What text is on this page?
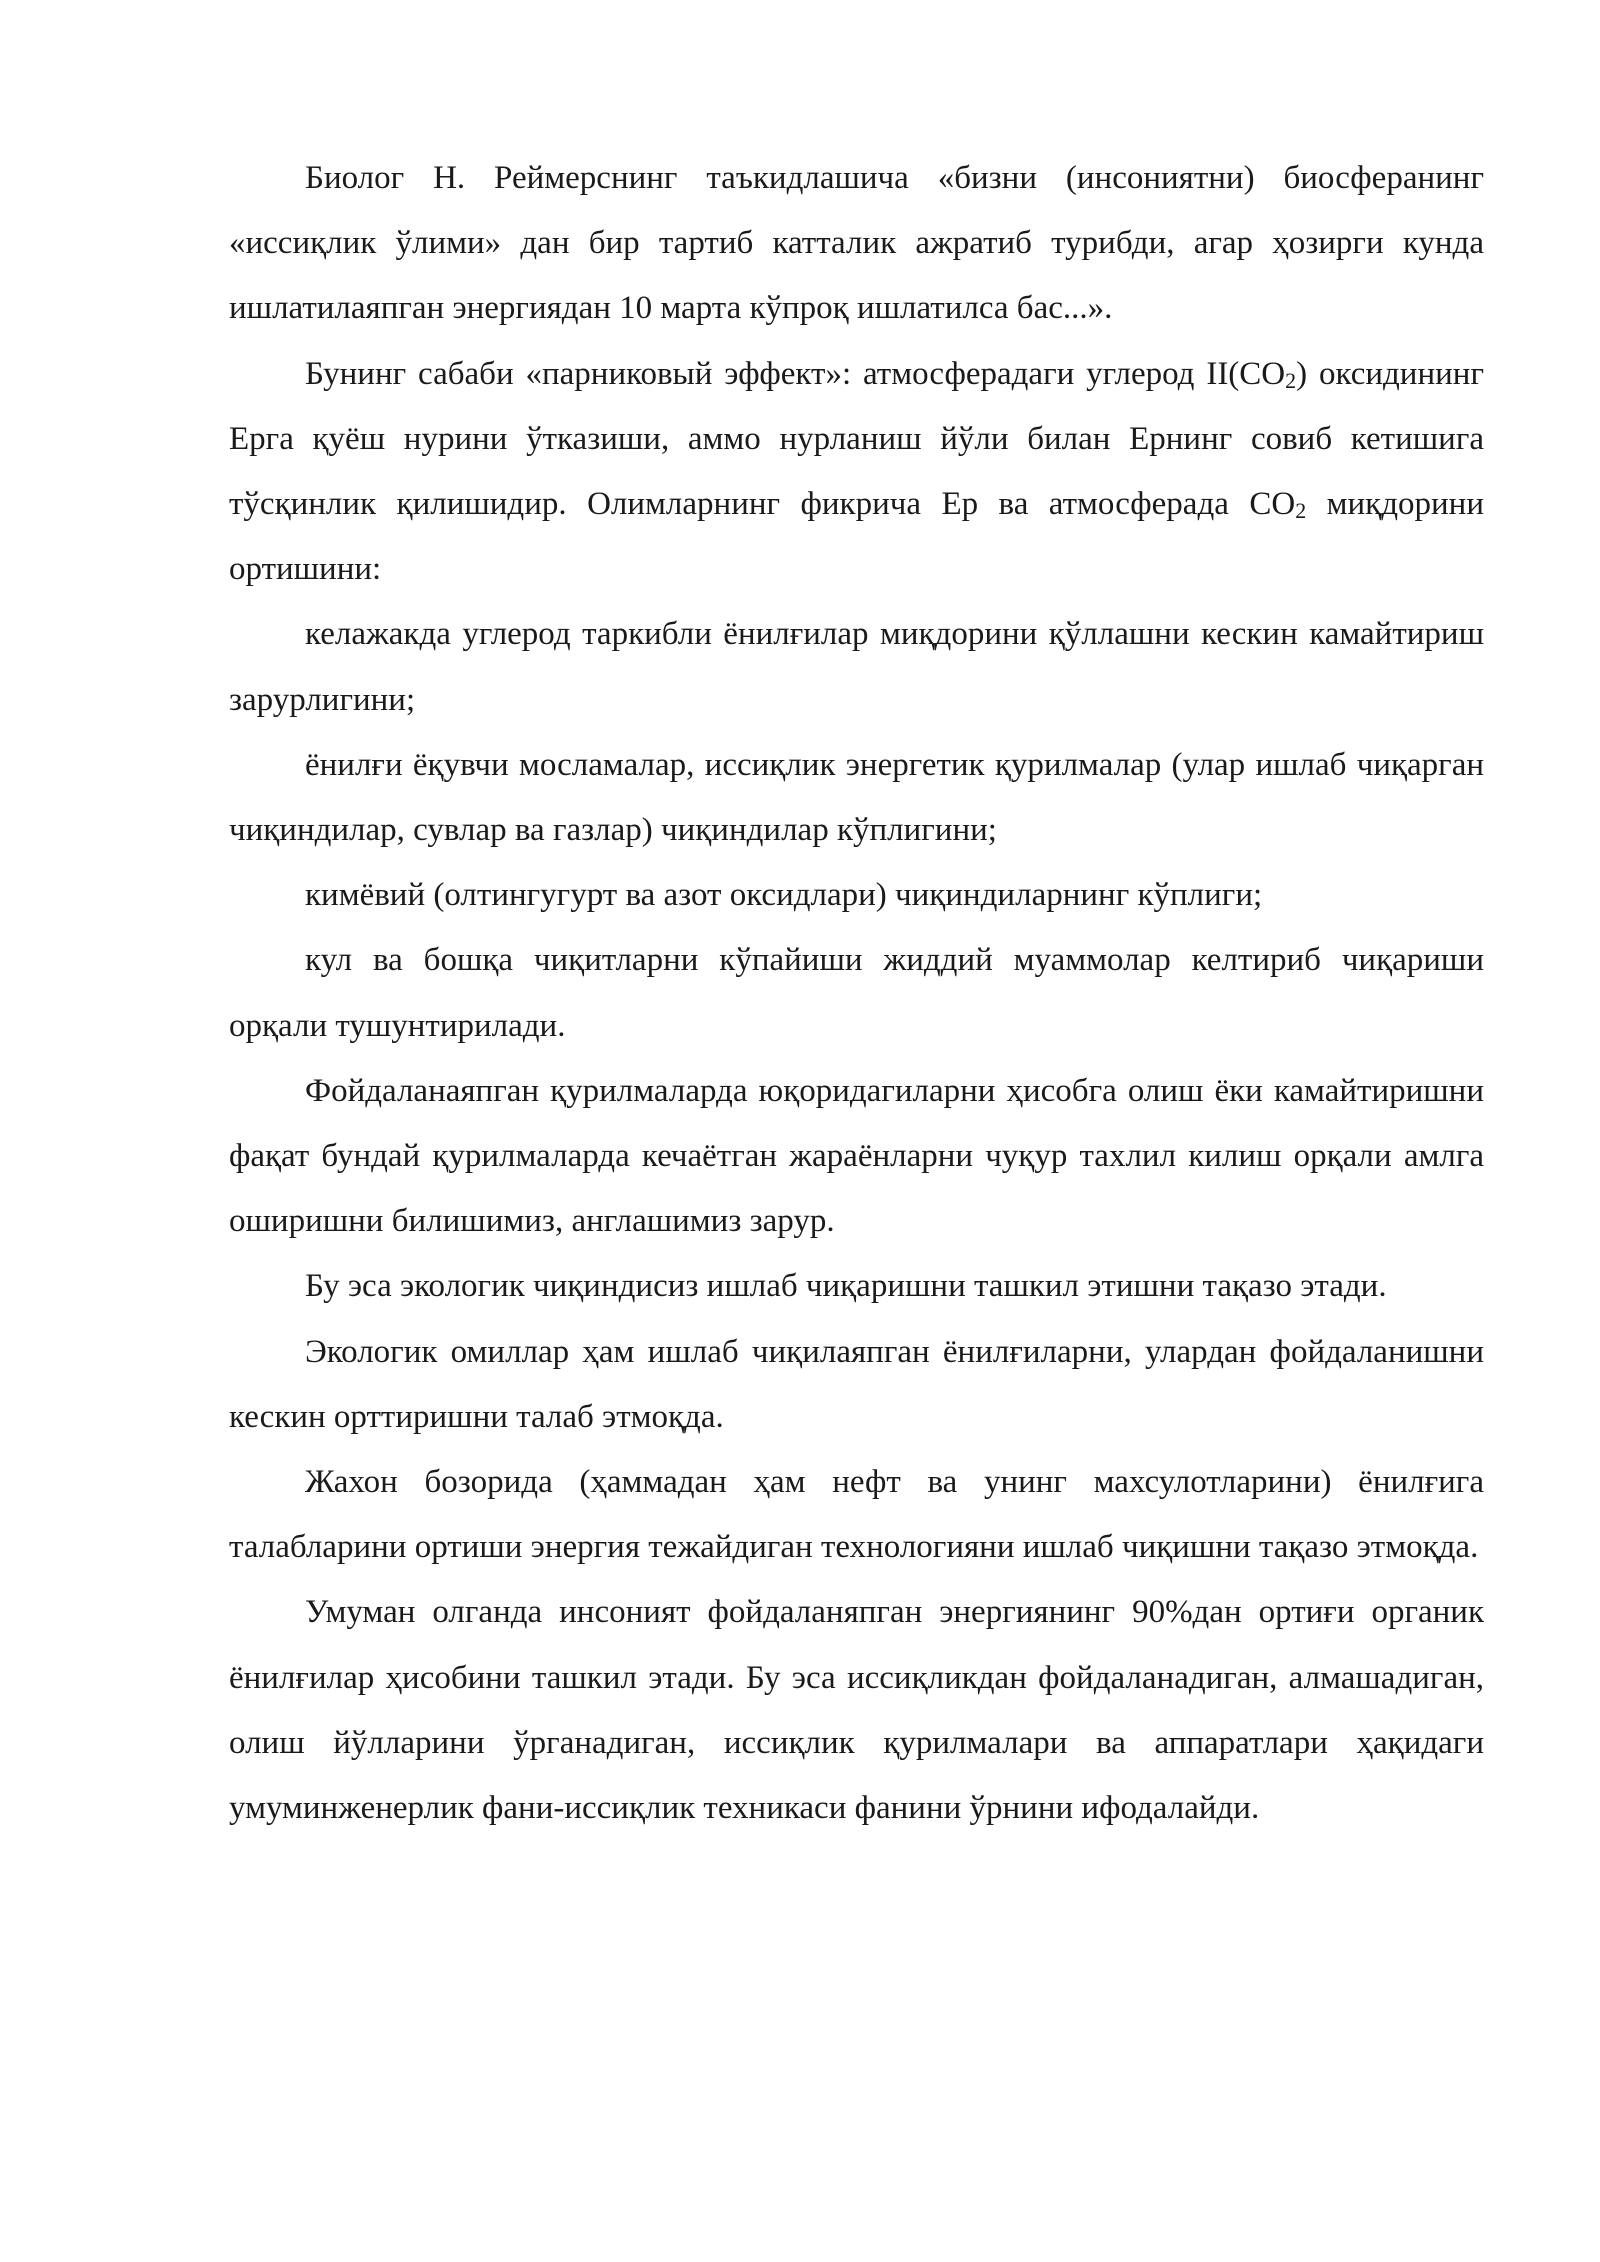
Биолог Н. Реймерснинг таъкидлашича «бизни (инсониятни) биосферанинг «иссиқлик ўлими» дан бир тартиб катталик ажратиб турибди, агар ҳозирги кунда ишлатилаяпган энергиядан 10 марта кўпроқ ишлатилса бас...».

Бунинг сабаби «парниковый эффект»: атмосферадаги углерод $II(СО_2)$ оксидининг Ерга қуёш нурини ўтказиши, аммо нурланиш йўли билан Ернинг совиб кетишига тўсқинлик қилишидир. Олимларнинг фикрича Ер ва атмосферада $СО_2$ миқдорини ортишини:

келажакда углерод таркибли ёнилғилар миқдорини қўллашни кескин камайтириш зарурлигини;

ёнилғи ёқувчи мосламалар, иссиқлик энергетик қурилмалар (улар ишлаб чиқарган чиқиндилар, сувлар ва газлар) чиқиндилар кўплигини;

кимёвий (олтингугурт ва азот оксидлари) чиқиндиларнинг кўплиги;

кул ва бошқа чиқитларни кўпайиши жиддий муаммолар келтириб чиқариши орқали тушунтирилади.

Фойдаланаяпган қурилмаларда юқоридагиларни ҳисобга олиш ёки камайтиришни фақат бундай қурилмаларда кечаётган жараёнларни чуқур тахлил килиш орқали амлга оширишни билишимиз, англашимиз зарур.

Бу эса экологик чиқиндисиз ишлаб чиқаришни ташкил этишни тақазо этади.

Экологик омиллар ҳам ишлаб чиқилаяпган ёнилғиларни, улардан фойдаланишни кескин орттиришни талаб этмоқда.

Жахон бозорида (ҳаммадан ҳам нефт ва унинг махсулотларини) ёнилғига талабларини ортиши энергия тежайдиган технологияни ишлаб чиқишни тақазо этмоқда.

Умуман олганда инсоният фойдаланяпган энергиянинг 90%дан ортиғи органик ёнилғилар ҳисобини ташкил этади. Бу эса иссиқликдан фойдаланадиган, алмашадиган, олиш йўлларини ўрганадиган, иссиқлик қурилмалари ва аппаратлари ҳақидаги умуминженерлик фани-иссиқлик техникаси фанини ўрнини ифодалайди.
